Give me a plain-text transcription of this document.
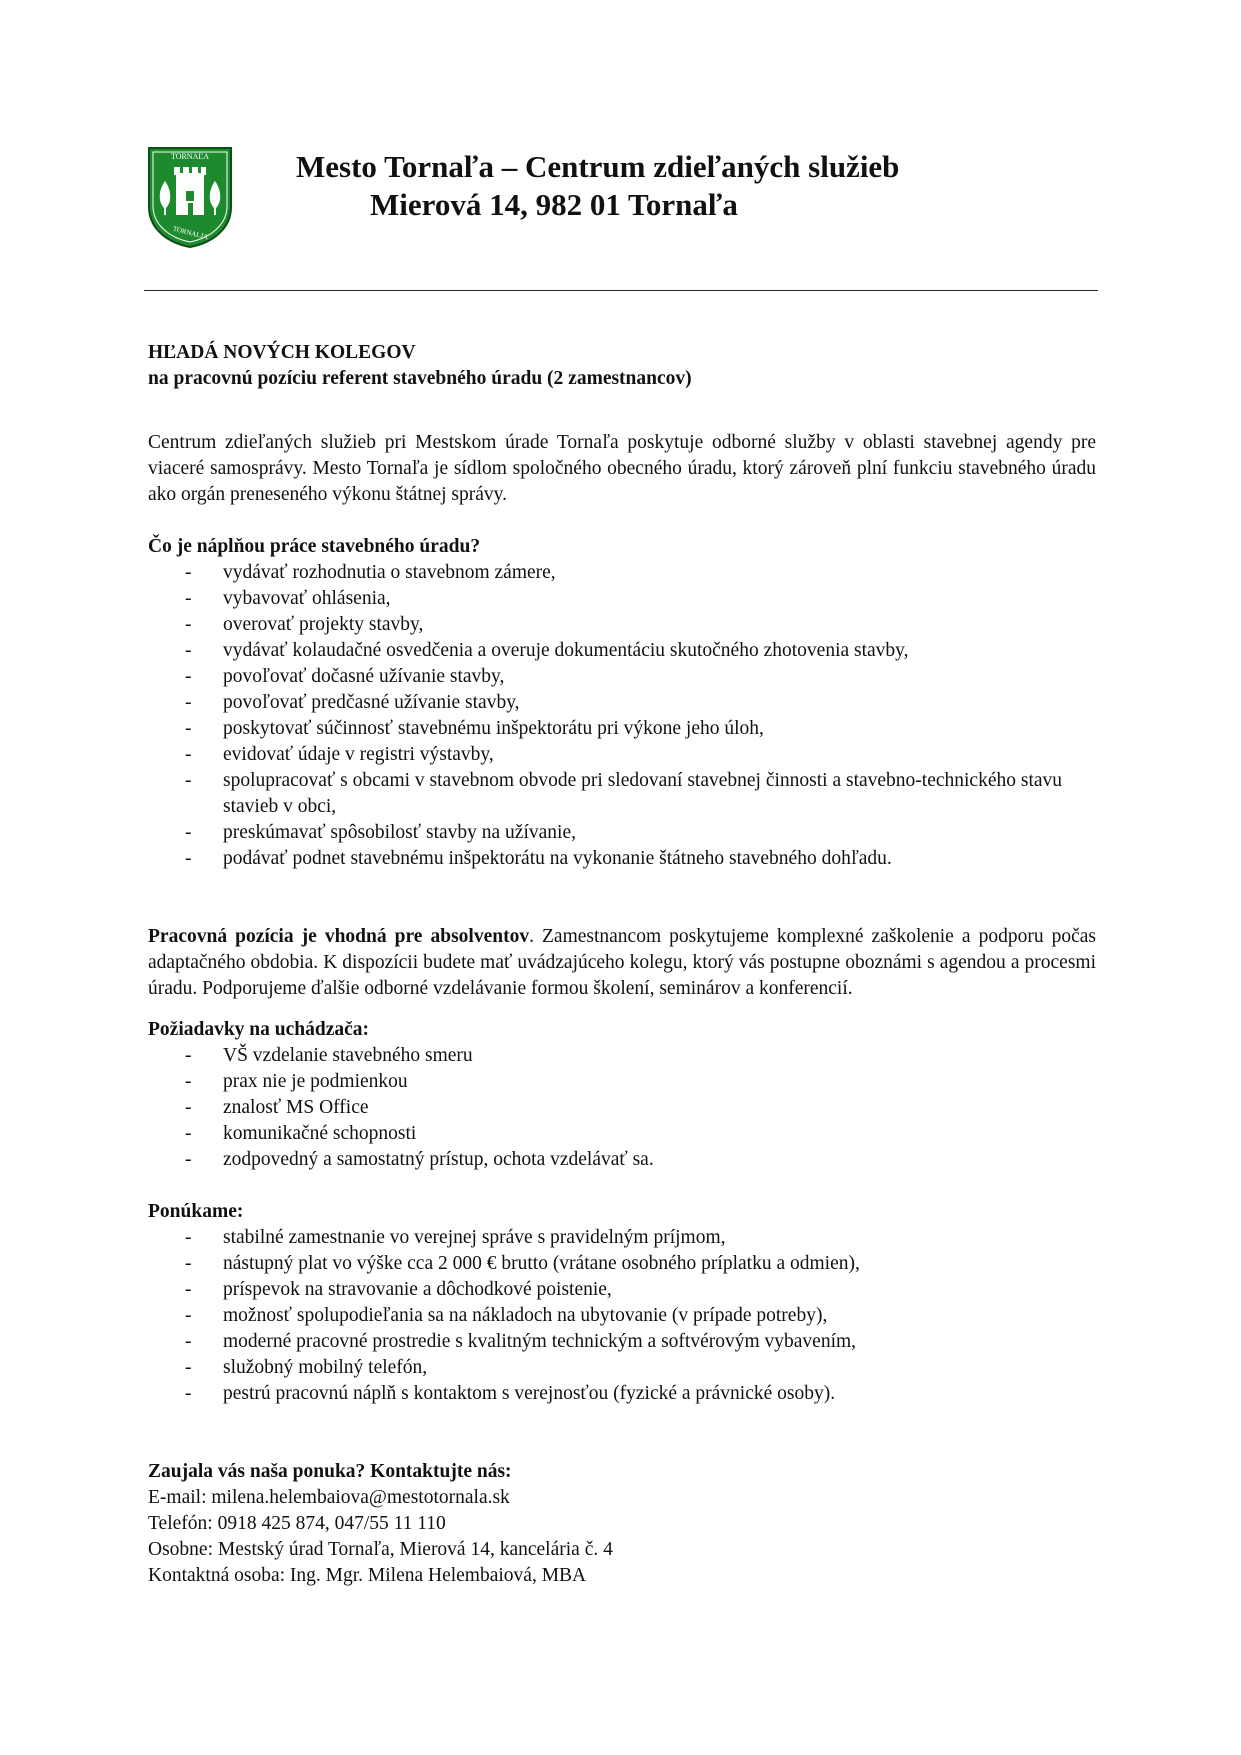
TORNAĽA
TORNALJA
Mesto Tornaľa – Centrum zdieľaných služieb
Mierová 14, 982 01 Tornaľa

HĽADÁ NOVÝCH KOLEGOV

na pracovnú pozíciu referent stavebného úradu (2 zamestnancov)

Centrum zdieľaných služieb pri Mestskom úrade Tornaľa poskytuje odborné služby v oblasti stavebnej agendy pre viaceré samosprávy. Mesto Tornaľa je sídlom spoločného obecného úradu, ktorý zároveň plní funkciu stavebného úradu ako orgán preneseného výkonu štátnej správy.

Čo je náplňou práce stavebného úradu?

- vydávať rozhodnutia o stavebnom zámere,
- vybavovať ohlásenia,
- overovať projekty stavby,
- vydávať kolaudačné osvedčenia a overuje dokumentáciu skutočného zhotovenia stavby,
- povoľovať dočasné užívanie stavby,
- povoľovať predčasné užívanie stavby,
- poskytovať súčinnosť stavebnému inšpektorátu pri výkone jeho úloh,
- evidovať údaje v registri výstavby,
- spolupracovať s obcami v stavebnom obvode pri sledovaní stavebnej činnosti a stavebno-technického stavu stavieb v obci,
- preskúmavať spôsobilosť stavby na užívanie,
- podávať podnet stavebnému inšpektorátu na vykonanie štátneho stavebného dohľadu.

Pracovná pozícia je vhodná pre absolventov. Zamestnancom poskytujeme komplexné zaškolenie a podporu počas adaptačného obdobia. K dispozícii budete mať uvádzajúceho kolegu, ktorý vás postupne oboznámi s agendou a procesmi úradu. Podporujeme ďalšie odborné vzdelávanie formou školení, seminárov a konferencií.

Požiadavky na uchádzača:

- VŠ vzdelanie stavebného smeru
- prax nie je podmienkou
- znalosť MS Office
- komunikačné schopnosti
- zodpovedný a samostatný prístup, ochota vzdelávať sa.

Ponúkame:

- stabilné zamestnanie vo verejnej správe s pravidelným príjmom,
- nástupný plat vo výške cca 2 000 € brutto (vrátane osobného príplatku a odmien),
- príspevok na stravovanie a dôchodkové poistenie,
- možnosť spolupodieľania sa na nákladoch na ubytovanie (v prípade potreby),
- moderné pracovné prostredie s kvalitným technickým a softvérovým vybavením,
- služobný mobilný telefón,
- pestrú pracovnú náplň s kontaktom s verejnosťou (fyzické a právnické osoby).

Zaujala vás naša ponuka? Kontaktujte nás:

E-mail: milena.helembaiova@mestotornala.sk

Telefón: 0918 425 874, 047/55 11 110

Osobne: Mestský úrad Tornaľa, Mierová 14, kancelária č. 4

Kontaktná osoba: Ing. Mgr. Milena Helembaiová, MBA
